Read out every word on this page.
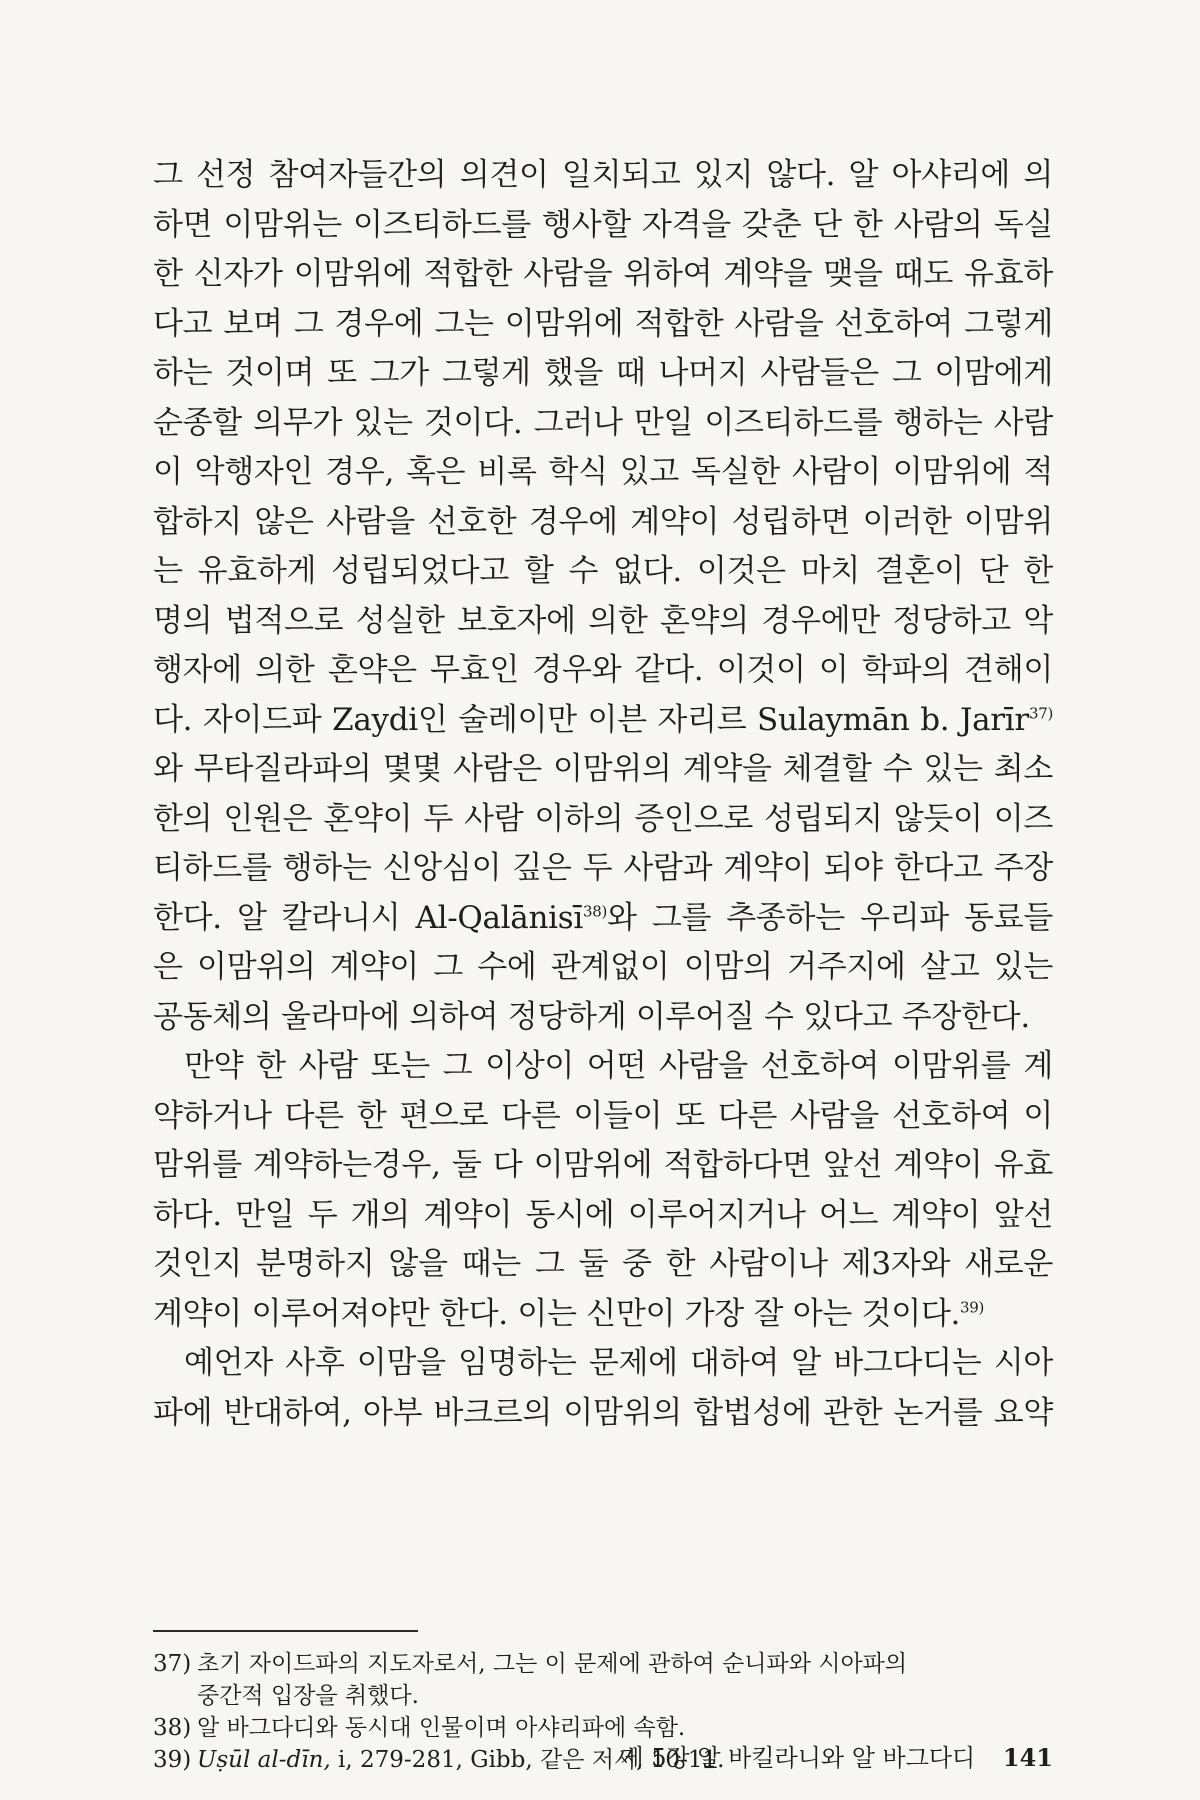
그 선정 참여자들간의 의견이 일치되고 있지 않다. 알 아샤리에 의
하면 이맘위는 이즈티하드를 행사할 자격을 갖춘 단 한 사람의 독실
한 신자가 이맘위에 적합한 사람을 위하여 계약을 맺을 때도 유효하
다고 보며 그 경우에 그는 이맘위에 적합한 사람을 선호하여 그렇게
하는 것이며 또 그가 그렇게 했을 때 나머지 사람들은 그 이맘에게
순종할 의무가 있는 것이다. 그러나 만일 이즈티하드를 행하는 사람
이 악행자인 경우, 혹은 비록 학식 있고 독실한 사람이 이맘위에 적
합하지 않은 사람을 선호한 경우에 계약이 성립하면 이러한 이맘위
는 유효하게 성립되었다고 할 수 없다. 이것은 마치 결혼이 단 한
명의 법적으로 성실한 보호자에 의한 혼약의 경우에만 정당하고 악
행자에 의한 혼약은 무효인 경우와 같다. 이것이 이 학파의 견해이
다. 자이드파 Zaydi인 술레이만 이븐 자리르 Sulaymān b. Jarīr$^{37)}$
와 무타질라파의 몇몇 사람은 이맘위의 계약을 체결할 수 있는 최소
한의 인원은 혼약이 두 사람 이하의 증인으로 성립되지 않듯이 이즈
티하드를 행하는 신앙심이 깊은 두 사람과 계약이 되야 한다고 주장
한다. 알 칼라니시 Al-Qalānisī$^{38)}$와 그를 추종하는 우리파 동료들
은 이맘위의 계약이 그 수에 관계없이 이맘의 거주지에 살고 있는
공동체의 울라마에 의하여 정당하게 이루어질 수 있다고 주장한다.
만약 한 사람 또는 그 이상이 어떤 사람을 선호하여 이맘위를 계
약하거나 다른 한 편으로 다른 이들이 또 다른 사람을 선호하여 이
맘위를 계약하는경우, 둘 다 이맘위에 적합하다면 앞선 계약이 유효
하다. 만일 두 개의 계약이 동시에 이루어지거나 어느 계약이 앞선
것인지 분명하지 않을 때는 그 둘 중 한 사람이나 제3자와 새로운
계약이 이루어져야만 한다. 이는 신만이 가장 잘 아는 것이다.$^{39)}$
예언자 사후 이맘을 임명하는 문제에 대하여 알 바그다디는 시아
파에 반대하여, 아부 바크르의 이맘위의 합법성에 관한 논거를 요약
37) 초기 자이드파의 지도자로서, 그는 이 문제에 관하여 순니파와 시아파의
중간적 입장을 취했다.
38) 알 바그다디와 동시대 인물이며 아샤리파에 속함.
39) Uṣūl al-dīn, i, 279-281, Gibb, 같은 저서, 10-11.
제 5장 알 바킬라니와 알 바그다디 141
